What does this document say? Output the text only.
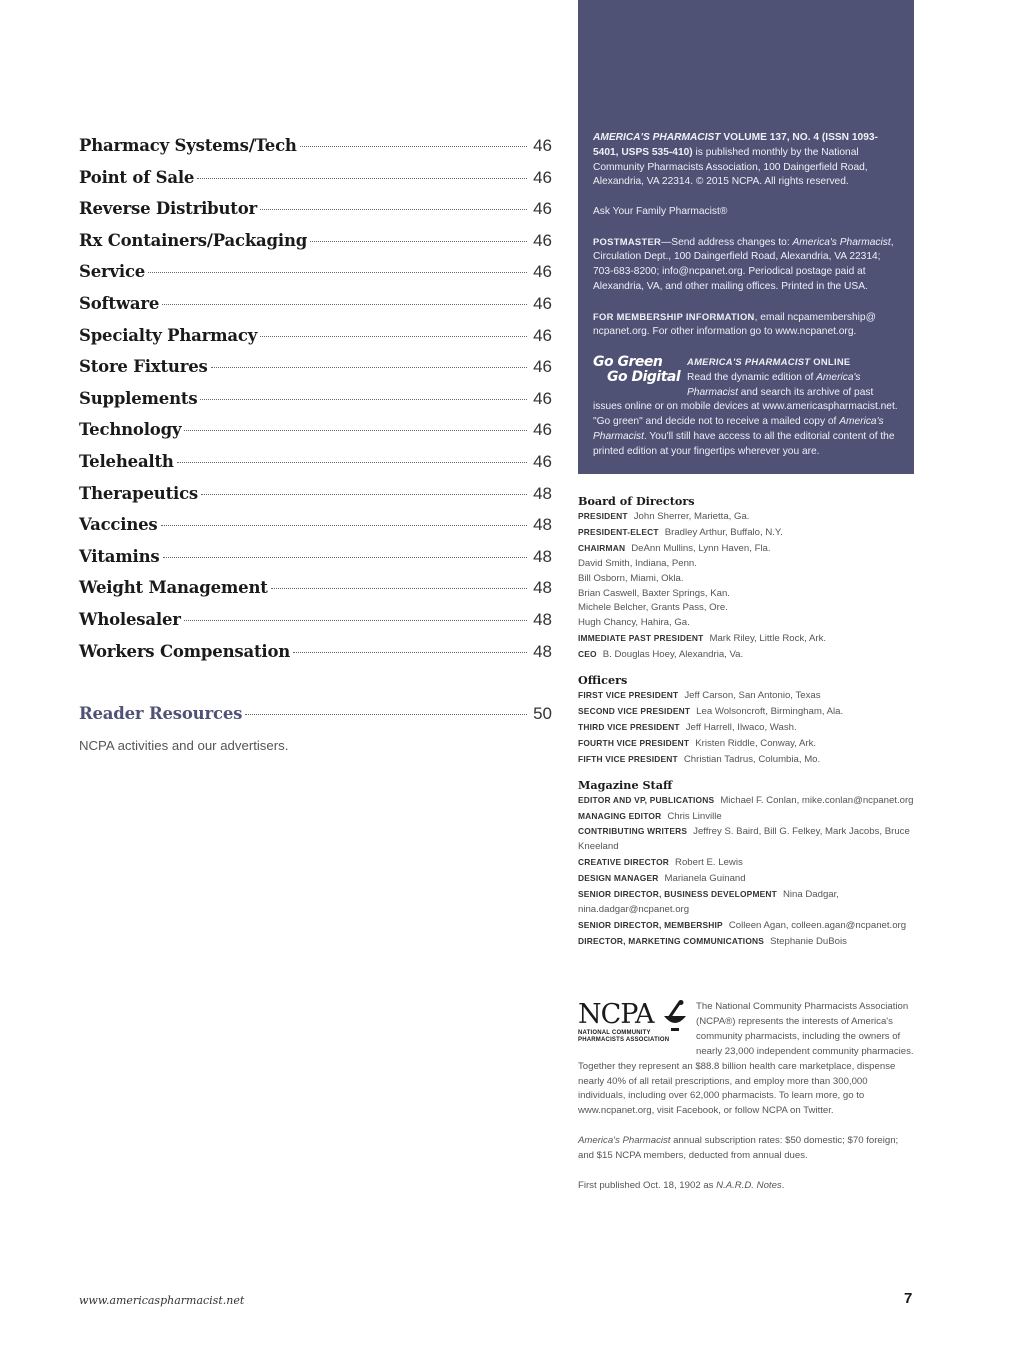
Pharmacy Systems/Tech	46
Point of Sale	46
Reverse Distributor	46
Rx Containers/Packaging	46
Service	46
Software	46
Specialty Pharmacy	46
Store Fixtures	46
Supplements	46
Technology	46
Telehealth	46
Therapeutics	48
Vaccines	48
Vitamins	48
Weight Management	48
Wholesaler	48
Workers Compensation	48
Reader Resources	50
NCPA activities and our advertisers.

AMERICA'S PHARMACIST VOLUME 137, NO. 4 (ISSN 1093-5401, USPS 535-410) is published monthly by the National Community Pharmacists Association, 100 Daingerfield Road, Alexandria, VA 22314. © 2015 NCPA. All rights reserved.

Ask Your Family Pharmacist®

POSTMASTER—Send address changes to: America's Pharmacist, Circulation Dept., 100 Daingerfield Road, Alexandria, VA 22314; 703-683-8200; info@ncpanet.org. Periodical postage paid at Alexandria, VA, and other mailing offices. Printed in the USA.

FOR MEMBERSHIP INFORMATION, email ncpamembership@ ncpanet.org. For other information go to www.ncpanet.org.

Go Green
Go Digital
AMERICA'S PHARMACIST ONLINE
Read the dynamic edition of America's Pharmacist and search its archive of past issues online or on mobile devices at www.americaspharmacist.net. "Go green" and decide not to receive a mailed copy of America's Pharmacist. You'll still have access to all the editorial content of the printed edition at your fingertips wherever you are.
Board of Directors
PRESIDENT John Sherrer, Marietta, Ga.
PRESIDENT-ELECT Bradley Arthur, Buffalo, N.Y.
CHAIRMAN DeAnn Mullins, Lynn Haven, Fla.
David Smith, Indiana, Penn.
Bill Osborn, Miami, Okla.
Brian Caswell, Baxter Springs, Kan.
Michele Belcher, Grants Pass, Ore.
Hugh Chancy, Hahira, Ga.
IMMEDIATE PAST PRESIDENT Mark Riley, Little Rock, Ark.
CEO B. Douglas Hoey, Alexandria, Va.
Officers
FIRST VICE PRESIDENT Jeff Carson, San Antonio, Texas
SECOND VICE PRESIDENT Lea Wolsoncroft, Birmingham, Ala.
THIRD VICE PRESIDENT Jeff Harrell, Ilwaco, Wash.
FOURTH VICE PRESIDENT Kristen Riddle, Conway, Ark.
FIFTH VICE PRESIDENT Christian Tadrus, Columbia, Mo.
Magazine Staff
EDITOR AND VP, PUBLICATIONS Michael F. Conlan, mike.conlan@ncpanet.org
MANAGING EDITOR Chris Linville
CONTRIBUTING WRITERS Jeffrey S. Baird, Bill G. Felkey, Mark Jacobs, Bruce Kneeland
CREATIVE DIRECTOR Robert E. Lewis
DESIGN MANAGER Marianela Guinand
SENIOR DIRECTOR, BUSINESS DEVELOPMENT Nina Dadgar, nina.dadgar@ncpanet.org
SENIOR DIRECTOR, MEMBERSHIP Colleen Agan, colleen.agan@ncpanet.org
DIRECTOR, MARKETING COMMUNICATIONS Stephanie DuBois
NCPA
NATIONAL COMMUNITY
PHARMACISTS ASSOCIATION

The National Community Pharmacists Association (NCPA®) represents the interests of America's community pharmacists, including the owners of nearly 23,000 independent community pharmacies. Together they represent an $88.8 billion health care marketplace, dispense nearly 40% of all retail prescriptions, and employ more than 300,000 individuals, including over 62,000 pharmacists. To learn more, go to www.ncpanet.org, visit Facebook, or follow NCPA on Twitter.

America's Pharmacist annual subscription rates: $50 domestic; $70 foreign; and $15 NCPA members, deducted from annual dues.

First published Oct. 18, 1902 as N.A.R.D. Notes.

www.americaspharmacist.net	7
